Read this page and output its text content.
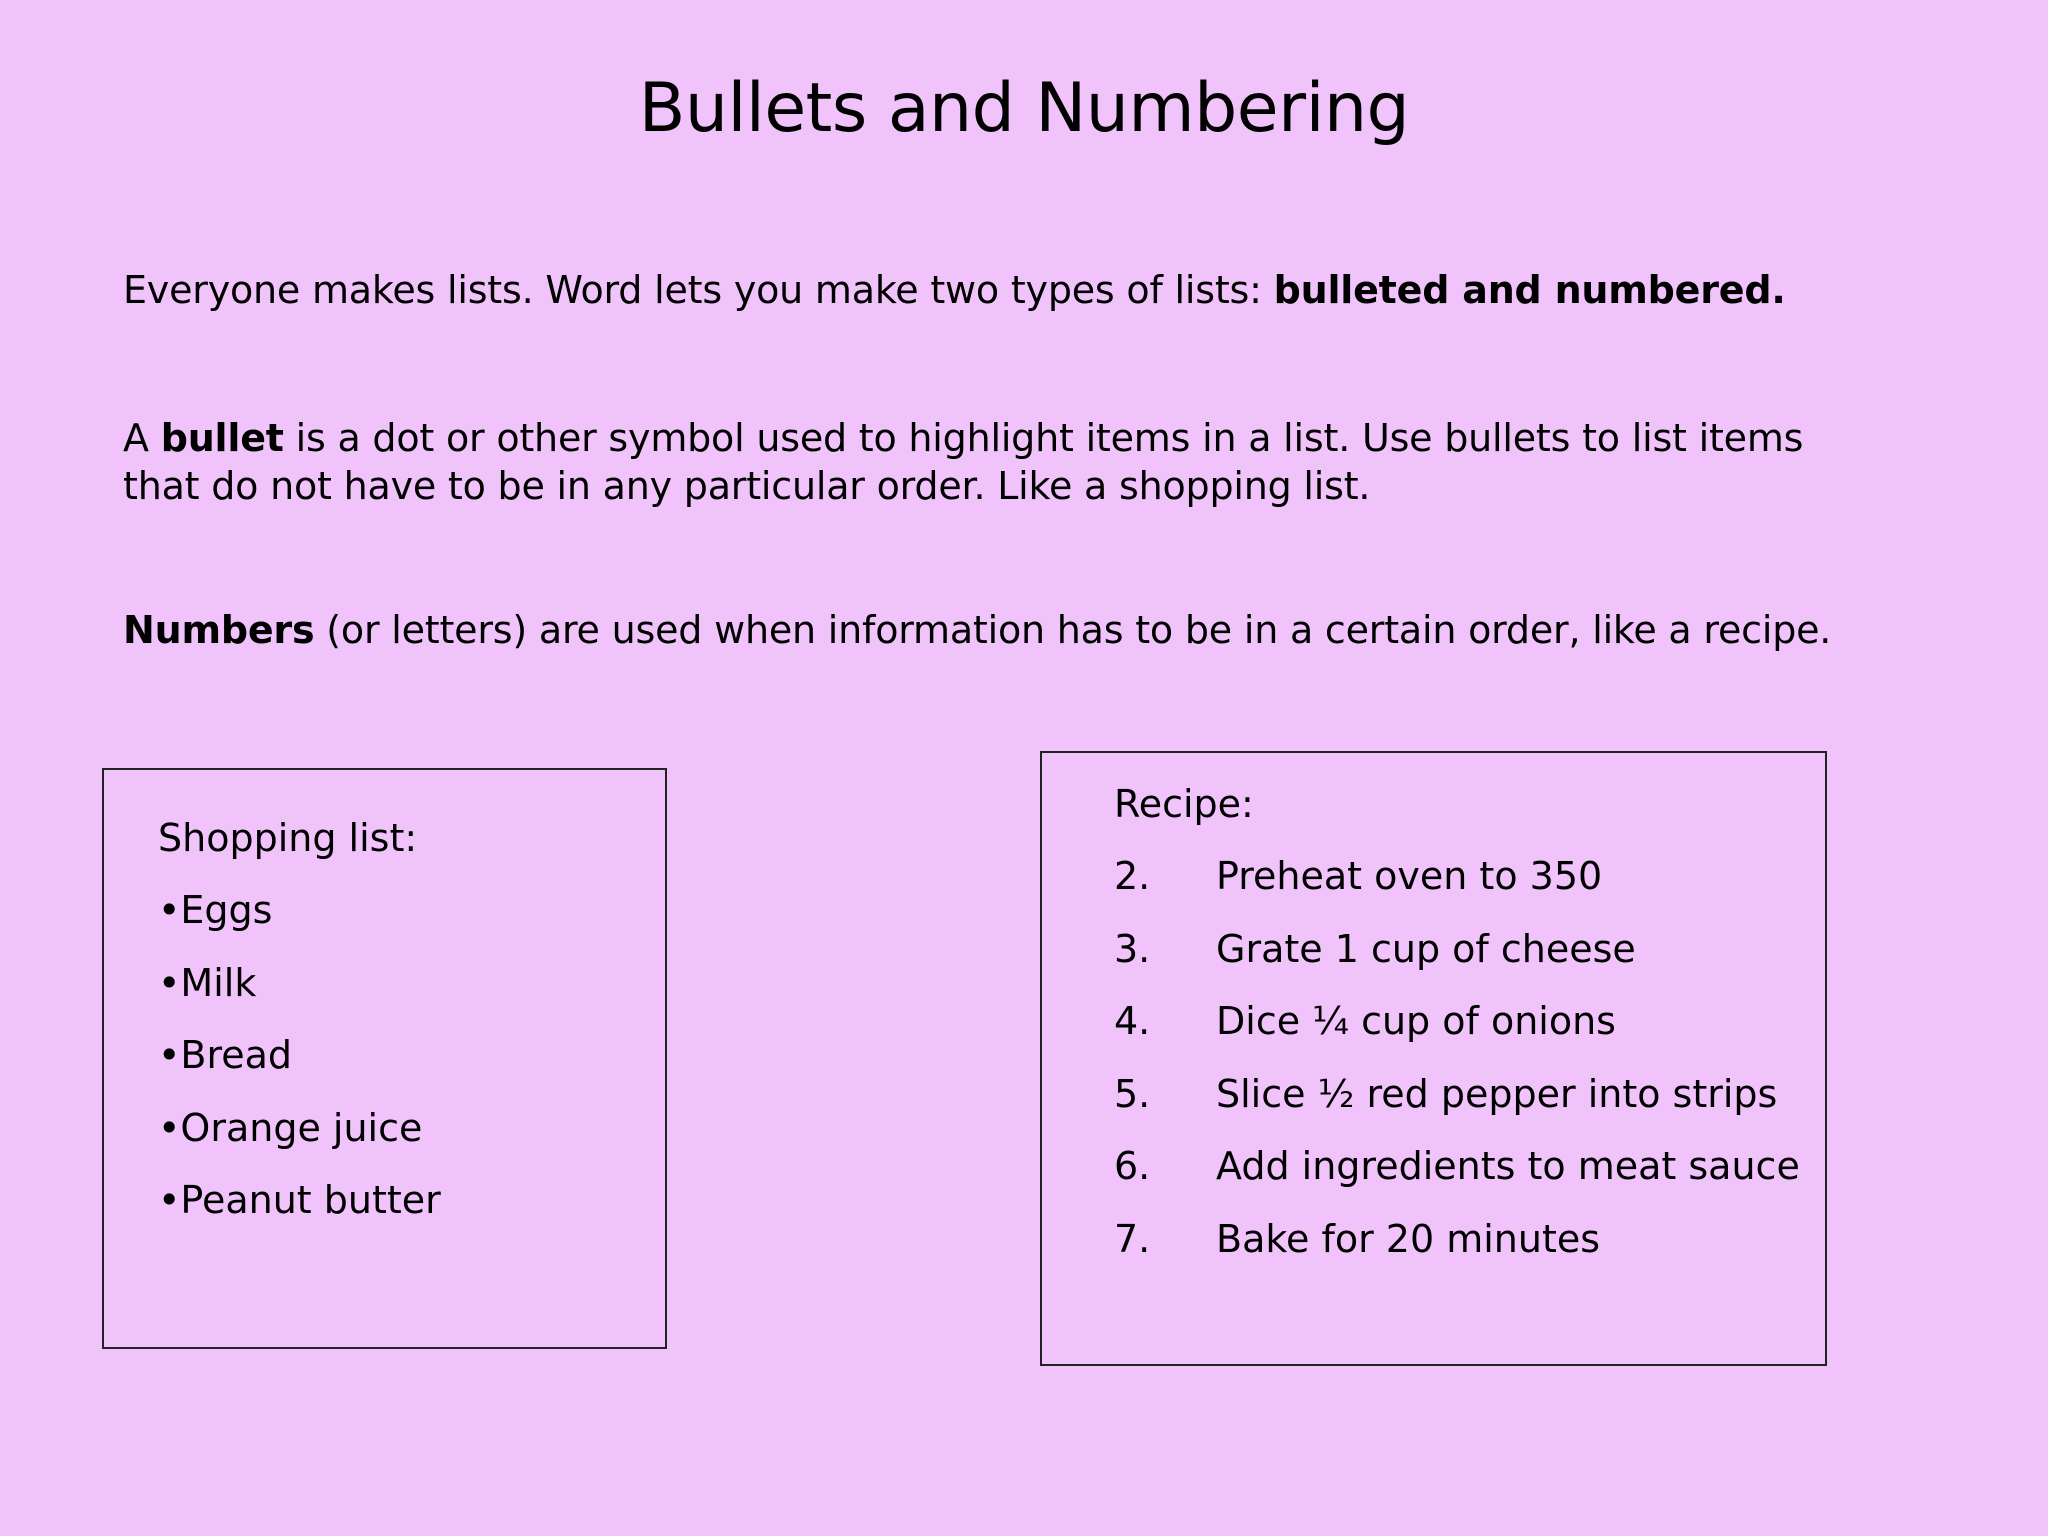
Bullets and Numbering
Everyone makes lists. Word lets you make two types of lists: bulleted and numbered.
A bullet is a dot or other symbol used to highlight items in a list. Use bullets to list items that do not have to be in any particular order. Like a shopping list.
Numbers (or letters) are used when information has to be in a certain order, like a recipe.
Shopping list:
•Eggs
•Milk
•Bread
•Orange juice
•Peanut butter
Recipe:
2.	Preheat oven to 350
3.	Grate 1 cup of cheese
4.	Dice ¼ cup of onions
5.	Slice ½ red pepper into strips
6.	Add ingredients to meat sauce
7.	Bake for 20 minutes
